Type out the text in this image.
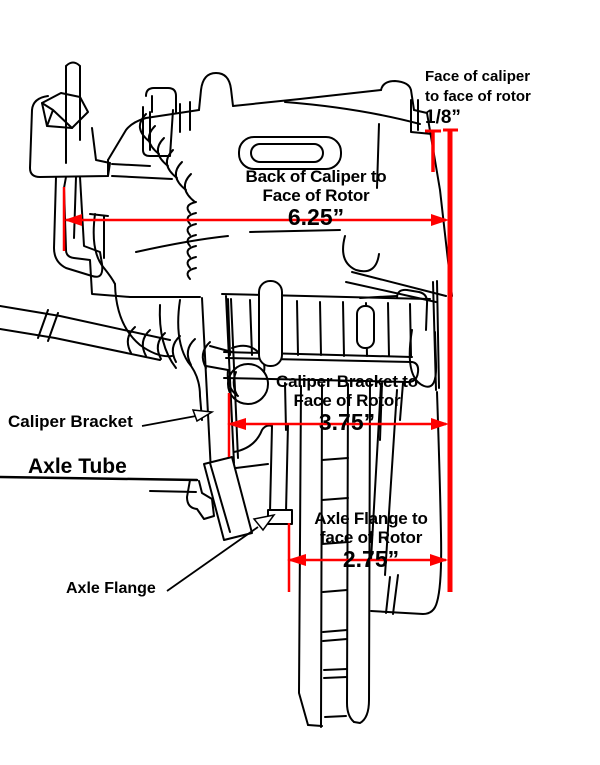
Face of caliper
to face of rotor
1/8”
Back of Caliper to
Face of Rotor
6.25”
Caliper Bracket to
Face of Rotor
3.75”
Axle Flange to
face of Rotor
2.75”
Caliper Bracket
Axle Tube
Axle Flange
